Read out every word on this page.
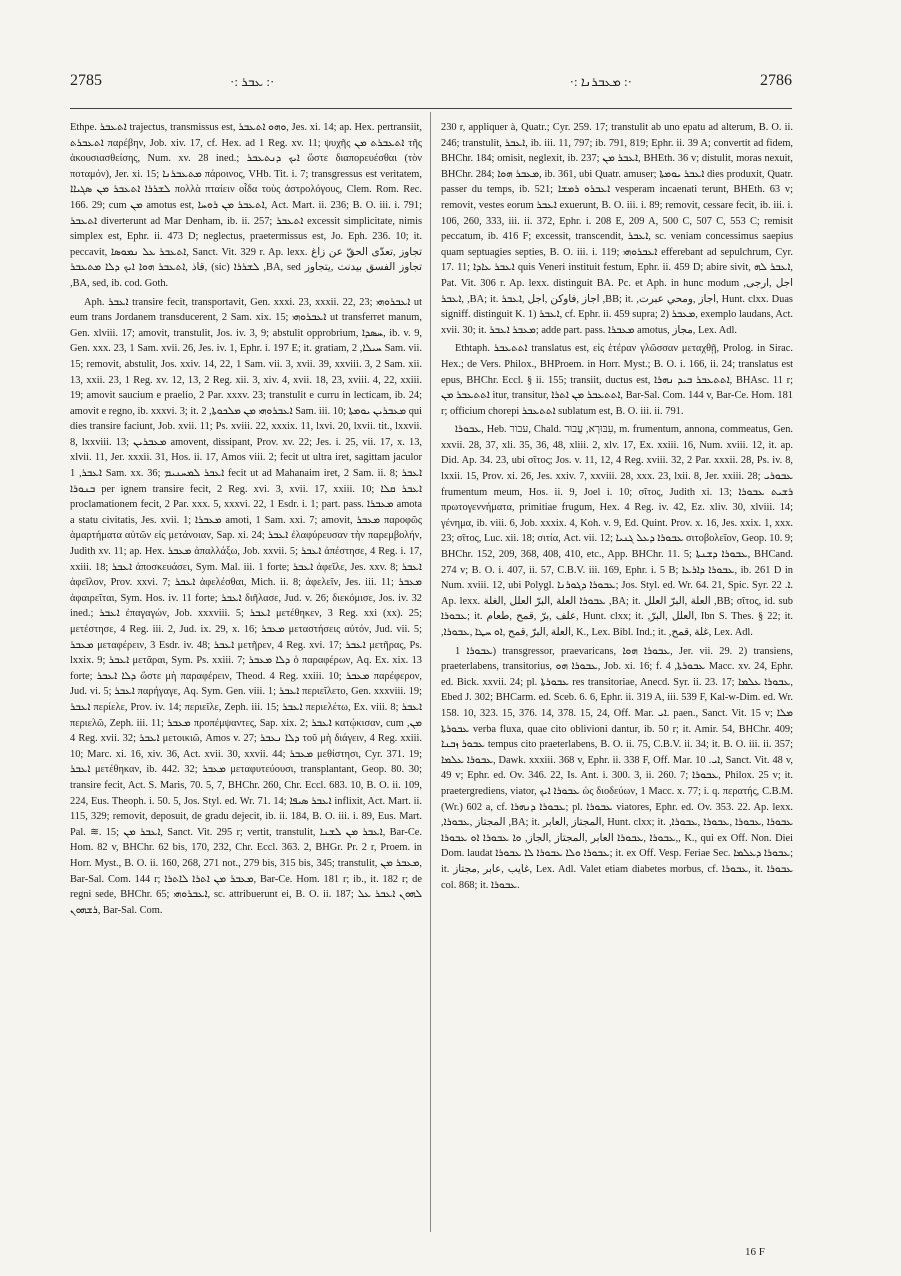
2785	·: ܥܒܪ :·	·: ܡܥܒܪܢܐ :·	2786

Ethpe. ܐܬܥܒܪ trajectus, transmissus est, ܘܗܘ ܐܬܥܒܪ, Jes. xi. 14; ap. Hex. pertransiit, ܐܬܥܒܪܬ παρέβην, Job. xiv. 17, cf. Hex. ad 1 Reg. xv. 11; ψυχῆς ܐܬܥܒܪܬ ܡܢ τῆς ἀκουσιασθείσης, Num. xv. 28 ined.; ܐܝܟ ܕܢܬܥܒܪ ὥστε διαπορευέσθαι (τὸν ποταμόν), Jer. xi. 15; ܡܬܥܒܪܢܐ πάροινος, VHb. Tit. i. 7; transgressus est veritatem, ܠܫܪܪܐ ܐܬܥܒܪ ܡܢ ܣܓܝܐܐ πολλὰ πταίειν οἶδα τοὺς ἀστρολόγους, Clem. Rom. Rec. 166. 29; cum ܡܢ amotus est, ܐܬܥܒܪ ܡܢ ܪܘܚܐ, Act. Mart. ii. 236; B. O. iii. i. 791; ܐܬܥܒܪ diverterunt ad Mar Denham, ib. ii. 257; ܐܬܥܒܪ excessit simplicitate, nimis simplex est, Ephr. ii. 473 D; neglectus, praetermissus est, Jo. Eph. 236. 10; it. peccavit, ܐܬܥܒܪ ܥܠ ܢܡܘܣܐ, Sanct. Vit. 329 r. Ap. lexx. تجاوز ,تعدّى الحقّ عن زاغ ,قاذ ,ܐܬܥܒܪ ܗܘܐ ܐܝܟ ܕܠܐ ܡܬܥܒܪ (sic) ܠܫܪܪܐ ,BA, sed تجاوز الفسق بيدنت ,يتجاوز ,BA, sed, ib. cod. Goth.

Aph. ܐܥܒܪ transire fecit, transportavit, Gen. xxxi. 23, xxxii. 22, 23; ܐܥܒܪܘܗܝ ut eum trans Jordanem transducerent, 2 Sam. xix. 15; ܐܥܒܪܘܗܝ ut transferret manum, Gen. xlviii. 17; amovit, transtulit, Jos. iv. 3, 9; abstulit opprobrium, ܚܣܕܐ, ib. v. 9, Gen. xxx. 23, 1 Sam. xvii. 26, Jes. iv. 1, Ephr. i. 197 E; it. gratiam, ܚܝܠܐ, 2 Sam. vii. 15; removit, abstulit, Jos. xxiv. 14, 22, 1 Sam. vii. 3, xvii. 39, xxviii. 3, 2 Sam. xii. 13, xxii. 23, 1 Reg. xv. 12, 13, 2 Reg. xii. 3, xiv. 4, xvii. 18, 23, xviii. 4, 22, xxiii. 19; amovit saucium e praelio, 2 Par. xxxv. 23; transtulit e curru in lecticam, ib. 24; amovit e regno, ib. xxxvi. 3; it. ܐܥܒܪܘܗܝ ܡܢ ܡܠܟܘܬܐ, 2 Sam. iii. 10; ܡܥܒܪܝܢ ܝܘܡܬܐ qui dies transire faciunt, Job. xvii. 11; Ps. xviii. 22, xxxix. 11, lxvi. 20, lxvii. tit., lxxvii. 8, lxxviii. 13; ܡܥܒܪܝܢ amovent, dissipant, Prov. xv. 22; Jes. i. 25, vii. 17, x. 13, xlvii. 11, Jer. xxxii. 31, Hos. ii. 17, Amos viii. 2; fecit ut ultra iret, sagittam jaculor ܐܥܒܪ, 1 Sam. xx. 36; ܐܥܒܪ ܠܡܚܢܝܡ fecit ut ad Mahanaim iret, 2 Sam. ii. 8; ܐܥܒܪ ܒܢܘܪܐ per ignem transire fecit, 2 Reg. xvi. 3, xvii. 17, xxiii. 10; ܐܥܒܪ ܩܠܐ proclamationem fecit, 2 Par. xxx. 5, xxxvi. 22, 1 Esdr. i. 1; part. pass. ܡܥܒܪܐ amota a statu civitatis, Jes. xvii. 1; ܡܥܒܪܐ amoti, 1 Sam. xxi. 7; amovit, ܡܥܒܪ παροφῶς ἁμαρτήματα αὐτῶν εἰς μετάνοιαν, Sap. xi. 24; ܐܥܒܪ ἐλαφύρευσαν τὴν παρεμβολήν, Judith xv. 11; ap. Hex. ܡܥܒܪ ἀπαλλάξω, Job. xxvii. 5; ܐܥܒܪ ἀπέστησε, 4 Reg. i. 17, xxiii. 18; ܐܥܒܪ ἀποσκευάσει, Sym. Mal. iii. 1 forte; ܐܥܒܪ ἀφεῖλε, Jes. xxv. 8; ܐܥܒܪ ἀφεῖλον, Prov. xxvi. 7; ܐܥܒܪ ἀφελέσθαι, Mich. ii. 8; ἀφελεῖν, Jes. iii. 11; ܡܥܒܪ ἀφαιρεῖται, Sym. Hos. iv. 11 forte; ܐܥܒܪ διῆλασε, Jud. v. 26; διεκόμισε, Jos. iv. 32 ined.; ܐܥܒܪ ἐπαγαγών, Job. xxxviii. 5; ܐܥܒܪ μετέθηκεν, 3 Reg. xxi (xx). 25; μετέστησε, 4 Reg. iii. 2, Jud. ix. 29, x. 16; ܡܥܒܪ μεταστήσεις αὐτόν, Jud. vii. 5; ܡܥܒܪ μεταφέρειν, 3 Esdr. iv. 48; ܐܥܒܪ μετῆρεν, 4 Reg. xvi. 17; ܐܥܒܪ μετῆρας, Ps. lxxix. 9; ܐܥܒܪ μετᾶραι, Sym. Ps. xxiii. 7; ܕܠܐ ܡܥܒܪ ὁ παραφέρων, Aq. Ex. xix. 13 forte; ܕܠܐ ܐܥܒܪ ὥστε μὴ παραφέρειν, Theod. 4 Reg. xxiii. 10; ܡܥܒܪ παρέφερον, Jud. vi. 5; ܐܥܒܪ παρήγαγε, Aq. Sym. Gen. viii. 1; ܐܥܒܪ περιεῖλετο, Gen. xxxviii. 19; ܐܥܒܪ περίελε, Prov. iv. 14; περιεῖλε, Zeph. iii. 15; ܐܥܒܪ περιελέτω, Ex. viii. 8; ܐܥܒܪ περιελῶ, Zeph. iii. 11; ܡܥܒܪ προπέμψαντες, Sap. xix. 2; ܐܥܒܪ κατῴκισαν, cum ܡܢ, 4 Reg. xvii. 32; ܐܥܒܪ μετοικιῶ, Amos v. 27; ܕܠܐ ܢܥܒܪ τοῦ μὴ διάγειν, 4 Reg. xxiii. 10; Marc. xi. 16, xiv. 36, Act. xvii. 30, xxvii. 44; ܡܥܒܪ μεθίστησι, Cyr. 371. 19; ܐܥܒܪ μετέθηκαν, ib. 442. 32; ܡܥܒܪ μεταφυτεύουσι, transplantant, Geop. 80. 30; transire fecit, Act. S. Maris, 70. 5, 7, BHChr. 260, Chr. Eccl. 683. 10, B. O. ii. 109, 224, Eus. Theoph. i. 50. 5, Jos. Styl. ed. Wr. 71. 14; ܐܥܒܪ ܣܝܦܐ inflixit, Act. Mart. ii. 115, 329; removit, deposuit, de gradu dejecit, ib. ii. 184, B. O. iii. i. 89, Eus. Mart. Pal. ≋. 15; ܐܥܒܪ ܡܢ, Sanct. Vit. 295 r; vertit, transtulit, ܐܥܒܪ ܡܢ ܠܫܢܐ, Bar-Ce. Hom. 82 v, BHChr. 62 bis, 170, 232, Chr. Eccl. 363. 2, BHGr. Pr. 2 r, Proem. in Horr. Myst., B. O. ii. 160, 268, 271 not., 279 bis, 315 bis, 345; transtulit, ܡܥܒܪ ܡܢ, Bar-Sal. Com. 144 r; ܡܥܒܪ ܡܢ ܐܬܪܐ ܠܐܬܪܐ, Bar-Ce. Hom. 181 r; ib., it. 182 r; de regni sede, BHChr. 65; ܐܥܒܪܘܗܝ, sc. attribuerunt ei, B. O. ii. 187; ܠܗܘܢ ܐܥܒܪ ܥܠ ܪܫܗܘܢ, Bar-Sal. Com.

230 r, appliquer à, Quatr.; Cyr. 259. 17; transtulit ab uno epatu ad alterum, B. O. ii. 246; transtulit, ܐܥܒܪ, ib. iii. 11, 797; ib. 791, 819; Ephr. ii. 39 A; convertit ad fidem, BHChr. 184; omisit, neglexit, ib. 237; ܐܥܒܪ ܡܢ, BHEth. 36 v; distulit, moras nexuit, BHChr. 284; ܡܥܒܪ ܗܘܐ, ib. 361, ubi Quatr. amuser; ܐܥܒܪ ܝܘܡܬܐ dies produxit, Quatr. passer du temps, ib. 521; ܐܥܒܪܘ ܪܡܫܐ vesperam incaenati terunt, BHEth. 63 v; removit, vestes eorum ܐܥܒܪ exuerunt, B. O. iii. i. 89; removit, cessare fecit, ib. iii. i. 106, 260, 333, iii. ii. 372, Ephr. i. 208 E, 209 A, 500 C, 507 C, 553 C; remisit peccatum, ib. 416 F; excessit, transcendit, ܐܥܒܪ, sc. veniam concessimus saepius quam septuagies septies, B. O. iii. i. 119; ܐܥܒܪܘܗܝ efferebant ad sepulchrum, Cyr. 17. 11; ܐܥܒܪ ܥܐܕܐ quis Veneri instituit festum, Ephr. ii. 459 D; abire sivit, ܐܥܒܪ ܠܗ, Pat. Vit. 306 r. Ap. lexx. distinguit BA. Pc. et Aph. in hunc modum ,اجل ,ارجى ,ܐܥܒܪ ,BA; it. اجاز ,فاوکن ,اجل ,ܐܥܒܪ ,BB; it. ,اجاز ,ومحي عبرت, Hunt. clxx. Duas signiff. distinguit K. 1) ܐܥܒܪ, cf. Ephr. ii. 459 supra; 2) ܡܥܒܪ, exemplo laudans, Act. xvii. 30; it. ܡܥܒܪ ܐܥܒܪ; adde part. pass. ܡܥܒܪܐ amotus, مجاز, Lex. Adl.

Ethtaph. ܐܬܬܥܒܪ translatus est, εἰς ἑτέραν γλῶσσαν μεταχθῇ, Prolog. in Sirac. Hex.; de Vers. Philox., BHProem. in Horr. Myst.; B. O. i. 166, ii. 24; translatus est epus, BHChr. Eccl. § ii. 155; transiit, ductus est, ܐܬܬܥܒܪ ܒܝܕ ܢܗܪܐ, BHAsc. 11 r; ܐܬܬܥܒܪ ܡܢ itur, transitur, ܐܬܬܥܒܪ ܡܢ ܐܬܪܐ, Bar-Sal. Com. 144 v, Bar-Ce. Hom. 181 r; officium chorepi ܐܬܬܥܒܪ sublatum est, B. O. iii. ii. 791.

ܥܒܘܪܐ, Heb. עבור, Chald. עִבּוּרָא, עֲבוּר, m. frumentum, annona, commeatus, Gen. xxvii. 28, 37, xli. 35, 36, 48, xliii. 2, xlv. 17, Ex. xxiii. 16, Num. xviii. 12, it. ap. Did. Ap. 34. 23, ubi σῖτος; Jos. v. 11, 12, 4 Reg. xviii. 32, 2 Par. xxxii. 28, Ps. iv. 8, lxxii. 15, Prov. xi. 26, Jes. xxiv. 7, xxviii. 28, xxx. 23, lxii. 8, Jer. xxiii. 28; ܥܒܘܪܝ frumentum meum, Hos. ii. 9, Joel i. 10; σῖτος, Judith xi. 13; ܪܫܝܬ ܥܒܘܪܐ πρωτογεννήματα, primitiae frugum, Hex. 4 Reg. iv. 42, Ez. xliv. 30, xlviii. 14; γένημα, ib. viii. 6, Job. xxxix. 4, Koh. v. 9, Ed. Quint. Prov. x. 16, Jes. xxix. 1, xxx. 23; σῖτος, Luc. xii. 18; σιτία, Act. vii. 12; ܥܒܘܪܐ ܕܥܠ ܓܢܝܐ σιτοβολεῖον, Geop. 10. 9; BHChr. 152, 209, 368, 408, 410, etc., App. BHChr. 11. 5; ܥܒܘܪܐ ܕܫܢܬܐ, BHCand. 274 v; B. O. i. 407, ii. 57, C.B.V. iii. 169, Ephr. i. 5 B; ܥܒܘܪܐ ܕܐܪܥܐ, ib. 261 D in Num. xviii. 12, ubi Polygl. ܥܒܘܪܐ ܕܓܘܪܢܐ; Jos. Styl. ed. Wr. 64. 21, Spic. Syr. ܐ. 22. Ap. lexx. ܥܒܘܪܐ العلة ,البرّ العلل ,الغلة ,BA; it. العلة ,البرّ العلل ,BB; σῖτος, id. sub ܥܒܘܪܐ; it. علف ,برّ ,قمح ,طعام, Hunt. clxx; it. ,العلل ,البرّ, Ibn S. Thes. § 22; it. ,العلة ,البرّ ,قمح ,ܐܘ ܚܛܐ ,ܥܒܘܪܐ, K., Lex. Bibl. Ind.; it. ,غلة ,قمح, Lex. Adl.

ܥܒܘܪܐ 1) transgressor, praevaricans, ܥܒܘܪܐ ܗܘܐ, Jer. vii. 29. 2) transiens, praeterlabens, transitorius, ܥܒܘܪܐ ܗܘ, Job. xi. 16; f. ܥܒܘܪܬܐ, 4 Macc. xv. 24, Ephr. ed. Bick. xxvii. 24; pl. ܥܒܘܪܬܐ res transitoriae, Anecd. Syr. ii. 23. 17; ܥܒܘܪܐ ܥܠܡܐ, Ebed J. 302; BHCarm. ed. Sceb. 6. 6, Ephr. ii. 319 A, iii. 539 F, Kal-w-Dim. ed. Wr. 158. 10, 323. 15, 376. 14, 378. 15, 24, Off. Mar. ܐܝ. paen., Sanct. Vit. 15 v; ܡܠܐ ܥܒܘܪܬܐ verba fluxa, quae cito oblivioni dantur, ib. 50 r; it. Amir. 54, BHChr. 409; ܥܒܘܪ ܙܒܢܐ tempus cito praeterlabens, B. O. ii. 75, C.B.V. ii. 34; it. B. O. iii. ii. 357; ܥܒܘܪܐ ܥܠܡܐ, Dawk. xxxiii. 368 v, Ephr. ii. 338 F, Off. Mar. ܐܝ. 10, Sanct. Vit. 48 v, 49 v; Ephr. ed. Ov. 346. 22, Is. Ant. i. 300. 3, ii. 260. 7; ܥܒܘܪܐ, Philox. 25 v; it. praetergrediens, viator, ܥܒܘܪܐ ܐܝܟ ὡς διοδεύων, 1 Macc. x. 77; i. q. περατής, C.B.M. (Wr.) 602 a, cf. ܥܒܘܪܐ ܕܢܗܪܐ; pl. ܥܒܘܪܐ viatores, Ephr. ed. Ov. 353. 22. Ap. lexx. ,المجتاز ,ܥܒܘܪܐ ,BA; it. المجتاز ,العابر, Hunt. clxx; it. ,ܥܒܘܪܐ ,ܥܒܘܪܐ ,ܥܒܘܪܐ ,ܥܒܘܪܐ ,ܥܒܘܪܐ ,ܥܒܘܪܐ العابر ,المجتاز ,الجاز, ܘܐ ܥܒܘܪܐ ܐܘ ܥܒܘܪܐ, K., qui ex Off. Non. Diei Dom. laudat ܥܒܘܪܐ ܘܠܐ ܥܒܘܪܐ ܠܐ ܥܒܘܪܐ; it. ex Off. Vesp. Feriae Sec. ܥܒܘܪܐ ܕܥܠܡܐ; it. غايب ,عابر ,مجتاز, Lex. Adl. Valet etiam diabetes morbus, cf. ܥܒܘܪܐ, it. ܥܒܘܪܐ col. 868; it. ܥܒܘܪܐ.

16 F
